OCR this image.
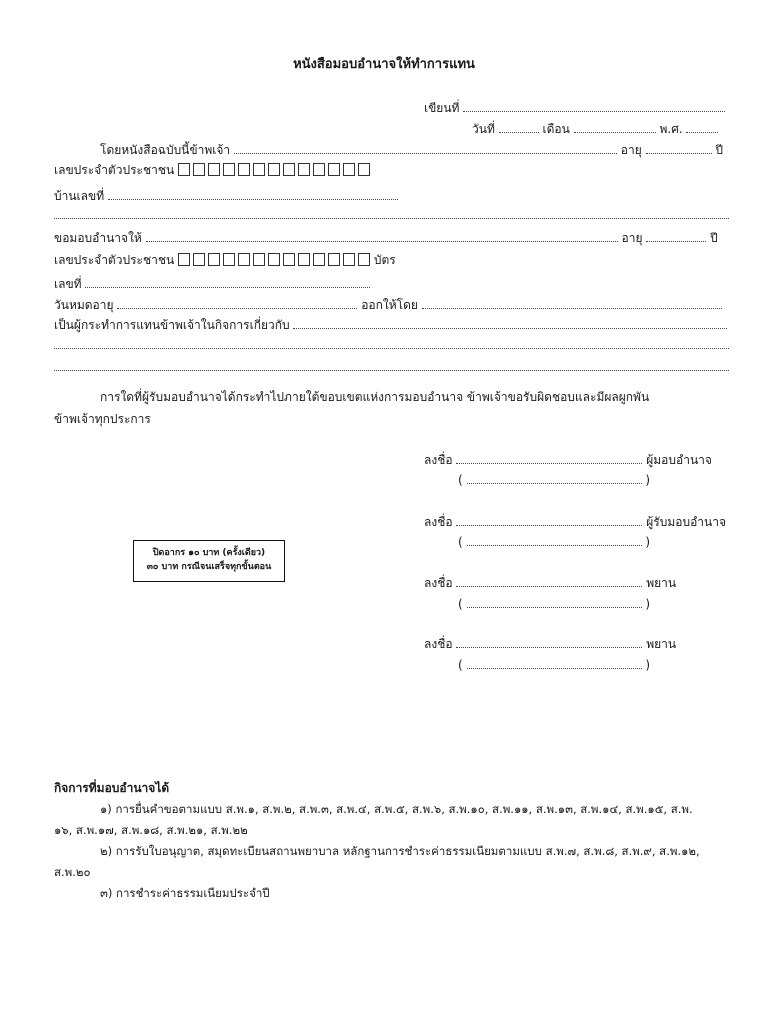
หนังสือมอบอำนาจให้ทำการแทน
เขียนที่
วันที่	เดือน	พ.ศ.
โดยหนังสือฉบับนี้ข้าพเจ้า	อายุ	ปี
เลขประจำตัวประชาชน
บ้านเลขที่
ขอมอบอำนาจให้	อายุ	ปี
เลขประจำตัวประชาชน	บัตร
เลขที่
วันหมดอายุ	ออกให้โดย
เป็นผู้กระทำการแทนข้าพเจ้าในกิจการเกี่ยวกับ
การใดที่ผู้รับมอบอำนาจได้กระทำไปภายใต้ขอบเขตแห่งการมอบอำนาจ ข้าพเจ้าขอรับผิดชอบและมีผลผูกพัน
ข้าพเจ้าทุกประการ
ลงชื่อ	ผู้มอบอำนาจ
(	)
ลงชื่อ	ผู้รับมอบอำนาจ
(	)
ลงชื่อ	พยาน
(	)
ลงชื่อ	พยาน
(	)
ปิดอากร ๑๐ บาท (ครั้งเดียว)
๓๐ บาท กรณีจนเสร็จทุกขั้นตอน
กิจการที่มอบอำนาจได้
๑) การยื่นคำขอตามแบบ ส.พ.๑, ส.พ.๒, ส.พ.๓, ส.พ.๔, ส.พ.๕, ส.พ.๖, ส.พ.๑๐, ส.พ.๑๑, ส.พ.๑๓, ส.พ.๑๔, ส.พ.๑๕, ส.พ.
๑๖, ส.พ.๑๗, ส.พ.๑๘, ส.พ.๒๑, ส.พ.๒๒
๒) การรับใบอนุญาต, สมุดทะเบียนสถานพยาบาล หลักฐานการชำระค่าธรรมเนียมตามแบบ ส.พ.๗, ส.พ.๘, ส.พ.๙, ส.พ.๑๒,
ส.พ.๒๐
๓) การชำระค่าธรรมเนียมประจำปี
